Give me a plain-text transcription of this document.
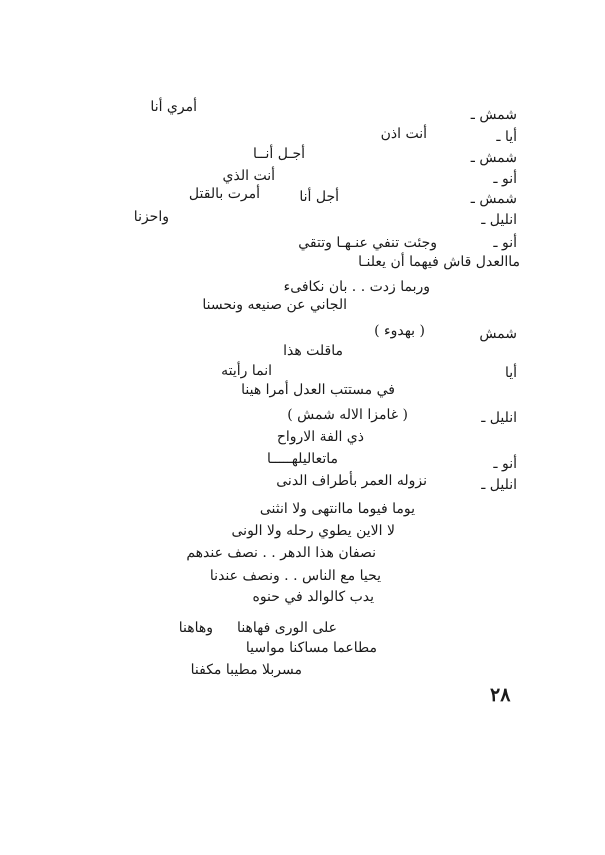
شمش ـ
أيا ـ
شمش ـ
أنو ـ
شمش ـ
انليل ـ
أنو ـ
شمش
أيا
انليل ـ
أنو ـ
انليل ـ
أمري أنا
أنت اذن
أجـل أنــا
أنت الذي
أجل أنا
أمرت بالقتل
واحزنا
وجئت تنفي عنـهـا وتتقي
ماالعدل قاش فيهما أن يعلنـا
وربما زدت . . بان نكافىء
الجاني عن صنيعه ونحسنا
( بهدوء )
ماقلت هذا
انما رأيته
في مستتب العدل أمرا هينا
( غامزا الاله شمش )
ذي الفة الارواح
ماتعاليلهـــــا
نزوله العمر بأطراف الدنى
يوما فيوما ماانتهى ولا انثنى
لا الاين يطوي رحله ولا الونى
نصفان هذا الدهر . . نصف عندهم
يحيا مع الناس . . ونصف عندنا
يدب كالوالد في حنوه
على الورى فهاهنا
وهاهنا
مطاعما مساكنا مواسيا
مسربلا مطيبا مكفنا
٢٨
